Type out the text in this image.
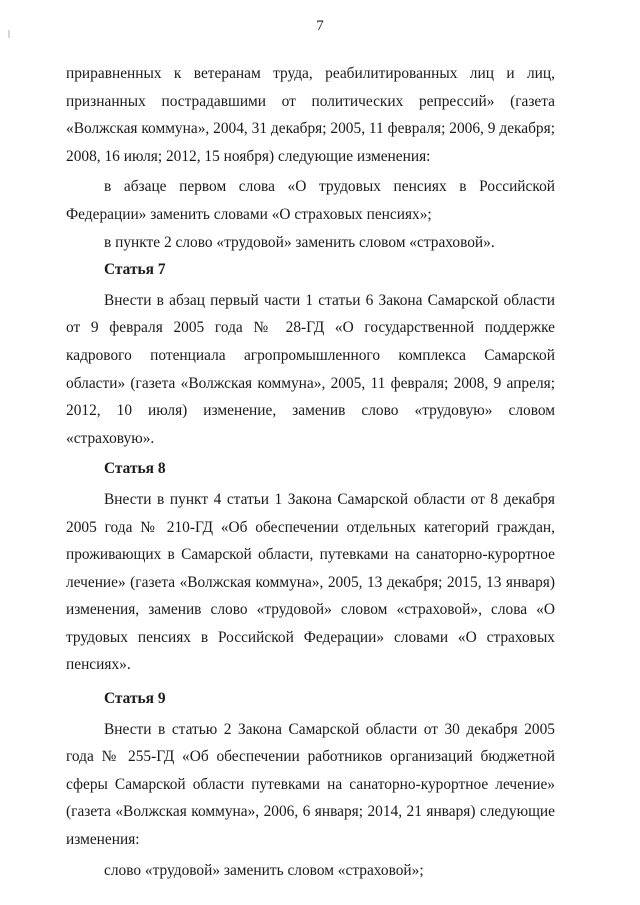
7

приравненных к ветеранам труда, реабилитированных лиц и лиц, признанных пострадавшими от политических репрессий» (газета «Волжская коммуна», 2004, 31 декабря; 2005, 11 февраля; 2006, 9 декабря; 2008, 16 июля; 2012, 15 ноября) следующие изменения:

в абзаце первом слова «О трудовых пенсиях в Российской Федерации» заменить словами «О страховых пенсиях»;

в пункте 2 слово «трудовой» заменить словом «страховой».

Статья 7

Внести в абзац первый части 1 статьи 6 Закона Самарской области от 9 февраля 2005 года № 28-ГД «О государственной поддержке кадрового потенциала агропромышленного комплекса Самарской области» (газета «Волжская коммуна», 2005, 11 февраля; 2008, 9 апреля; 2012, 10 июля) изменение, заменив слово «трудовую» словом «страховую».

Статья 8

Внести в пункт 4 статьи 1 Закона Самарской области от 8 декабря 2005 года № 210-ГД «Об обеспечении отдельных категорий граждан, проживающих в Самарской области, путевками на санаторно-курортное лечение» (газета «Волжская коммуна», 2005, 13 декабря; 2015, 13 января) изменения, заменив слово «трудовой» словом «страховой», слова «О трудовых пенсиях в Российской Федерации» словами «О страховых пенсиях».

Статья 9

Внести в статью 2 Закона Самарской области от 30 декабря 2005 года № 255-ГД «Об обеспечении работников организаций бюджетной сферы Самарской области путевками на санаторно-курортное лечение» (газета «Волжская коммуна», 2006, 6 января; 2014, 21 января) следующие изменения:

слово «трудовой» заменить словом «страховой»;
